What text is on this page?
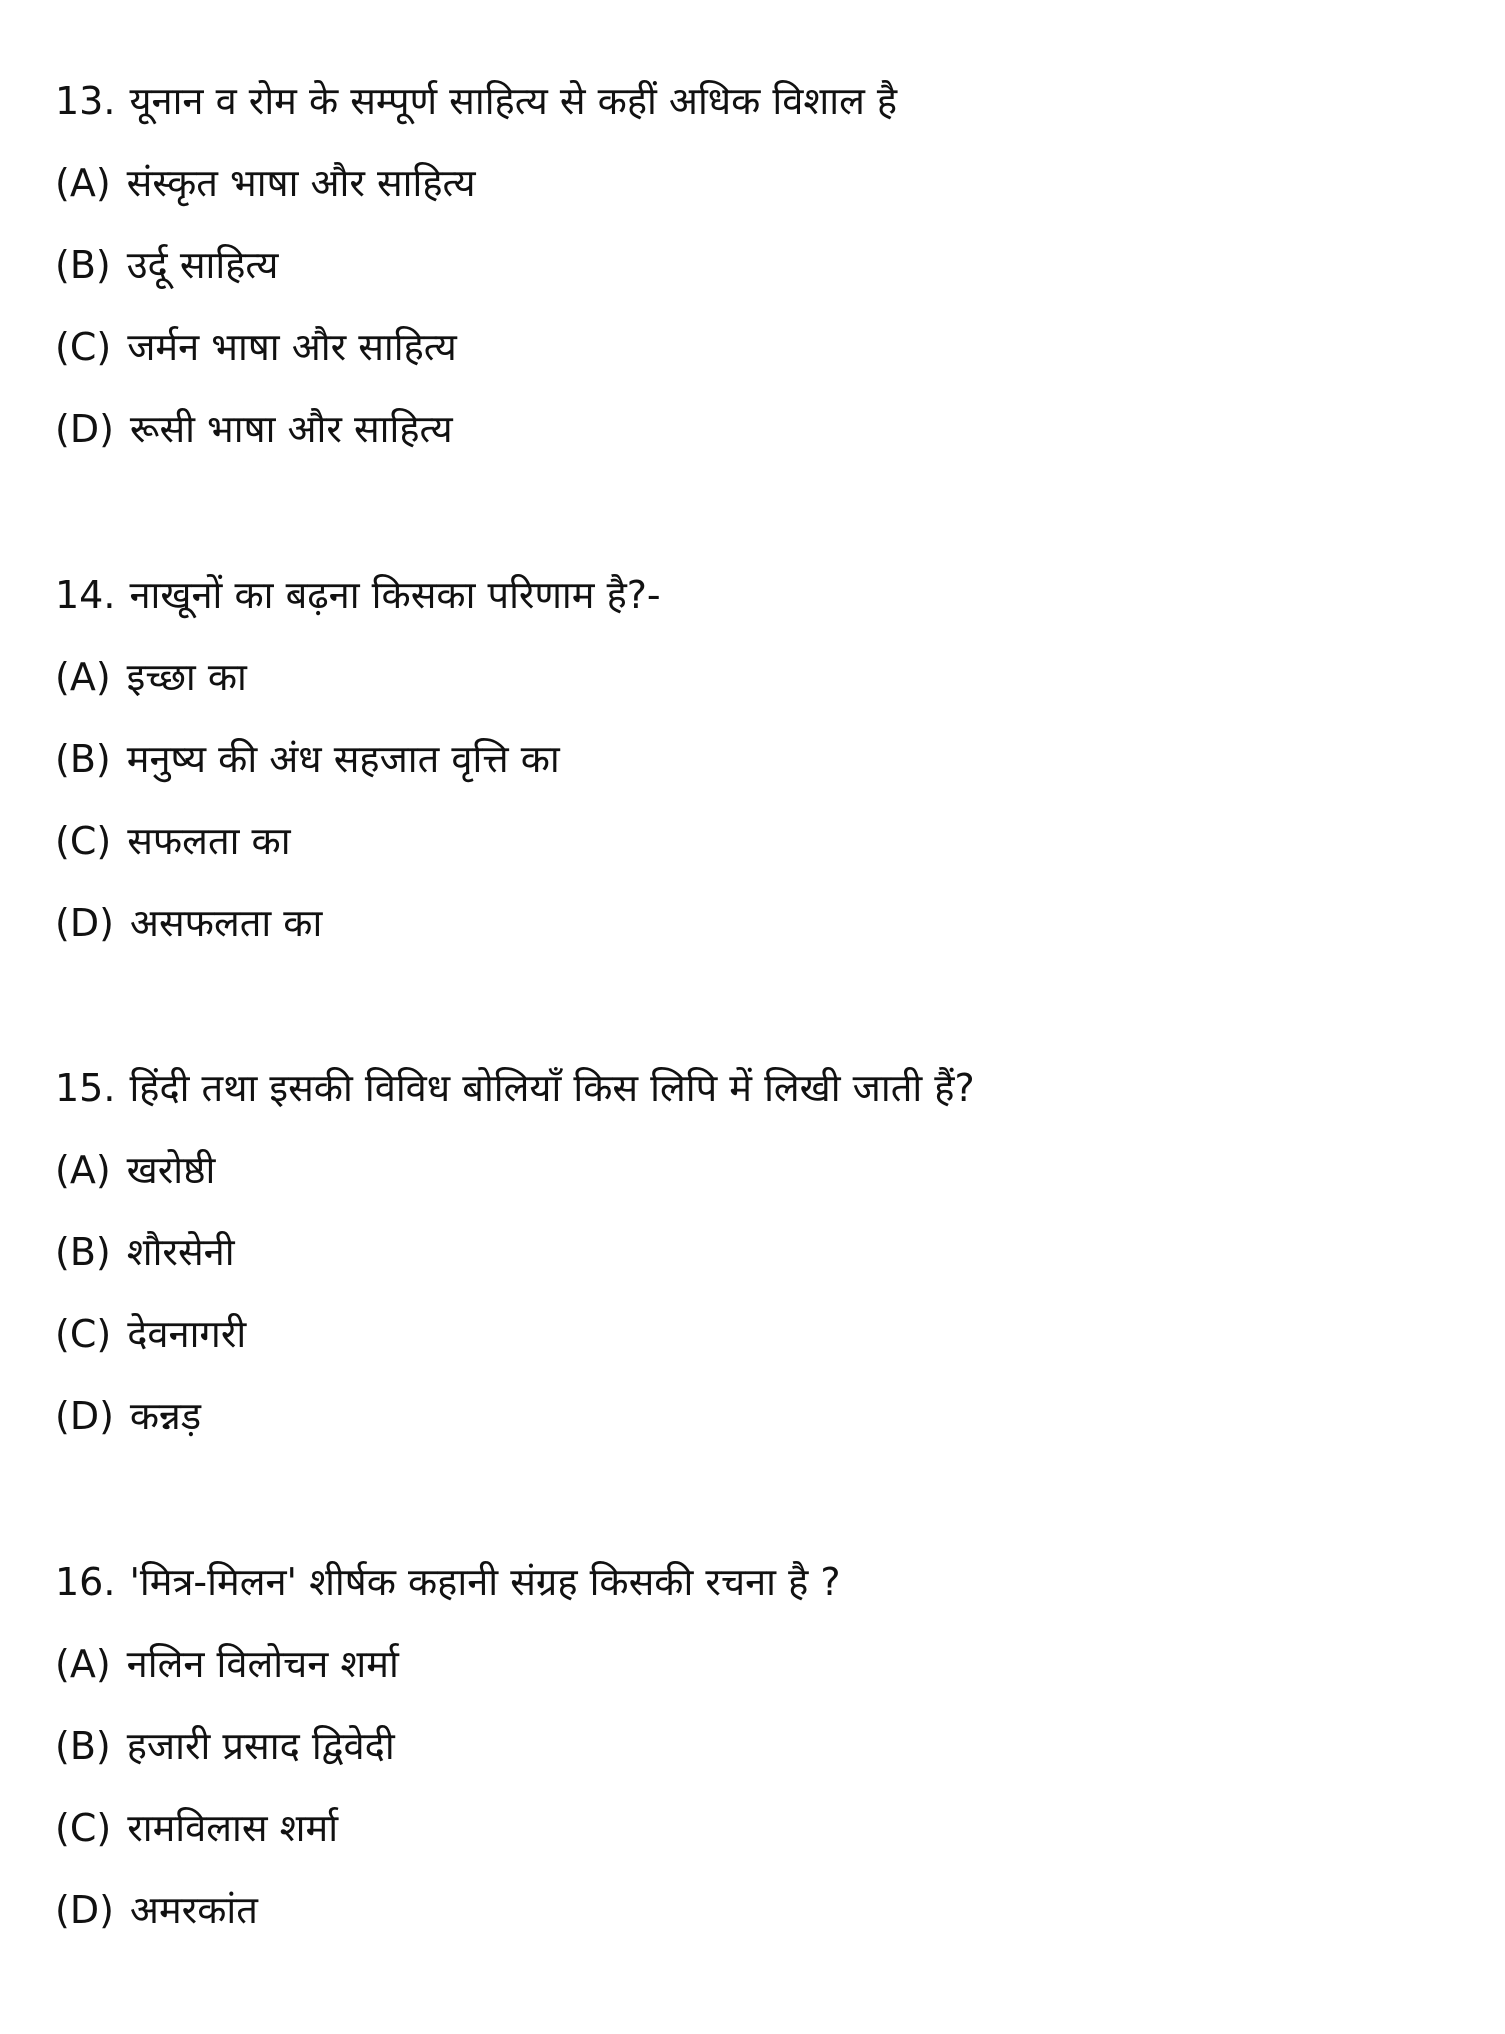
13. यूनान व रोम के सम्पूर्ण साहित्य से कहीं अधिक विशाल है
(A) संस्कृत भाषा और साहित्य
(B) उर्दू साहित्य
(C) जर्मन भाषा और साहित्य
(D) रूसी भाषा और साहित्य
14. नाखूनों का बढ़ना किसका परिणाम है?-
(A) इच्छा का
(B) मनुष्य की अंध सहजात वृत्ति का
(C) सफलता का
(D) असफलता का
15. हिंदी तथा इसकी विविध बोलियाँ किस लिपि में लिखी जाती हैं?
(A) खरोष्ठी
(B) शौरसेनी
(C) देवनागरी
(D) कन्नड़
16. 'मित्र-मिलन' शीर्षक कहानी संग्रह किसकी रचना है ?
(A) नलिन विलोचन शर्मा
(B) हजारी प्रसाद द्विवेदी
(C) रामविलास शर्मा
(D) अमरकांत
